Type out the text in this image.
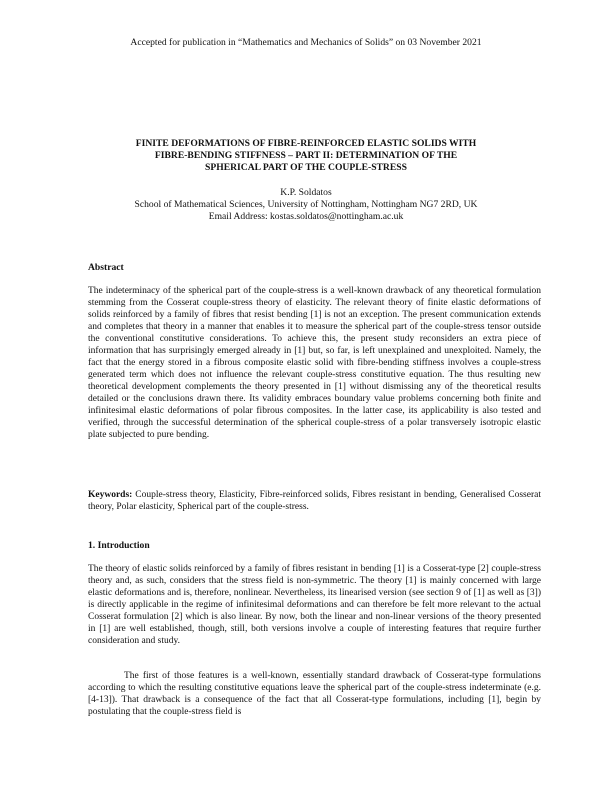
Accepted for publication in “Mathematics and Mechanics of Solids” on 03 November 2021
FINITE DEFORMATIONS OF FIBRE-REINFORCED ELASTIC SOLIDS WITH
FIBRE-BENDING STIFFNESS – PART II: DETERMINATION OF THE
SPHERICAL PART OF THE COUPLE-STRESS
K.P. Soldatos
School of Mathematical Sciences, University of Nottingham, Nottingham NG7 2RD, UK
Email Address: kostas.soldatos@nottingham.ac.uk
Abstract

The indeterminacy of the spherical part of the couple-stress is a well-known drawback of any theoretical formulation stemming from the Cosserat couple-stress theory of elasticity. The relevant theory of finite elastic deformations of solids reinforced by a family of fibres that resist bending [1] is not an exception. The present communication extends and completes that theory in a manner that enables it to measure the spherical part of the couple-stress tensor outside the conventional constitutive considerations. To achieve this, the present study reconsiders an extra piece of information that has surprisingly emerged already in [1] but, so far, is left unexplained and unexploited. Namely, the fact that the energy stored in a fibrous composite elastic solid with fibre-bending stiffness involves a couple-stress generated term which does not influence the relevant couple-stress constitutive equation. The thus resulting new theoretical development complements the theory presented in [1] without dismissing any of the theoretical results detailed or the conclusions drawn there. Its validity embraces boundary value problems concerning both finite and infinitesimal elastic deformations of polar fibrous composites. In the latter case, its applicability is also tested and verified, through the successful determination of the spherical couple-stress of a polar transversely isotropic elastic plate subjected to pure bending.

Keywords: Couple-stress theory, Elasticity, Fibre-reinforced solids, Fibres resistant in bending, Generalised Cosserat theory, Polar elasticity, Spherical part of the couple-stress.

1. Introduction

The theory of elastic solids reinforced by a family of fibres resistant in bending [1] is a Cosserat-type [2] couple-stress theory and, as such, considers that the stress field is non-symmetric. The theory [1] is mainly concerned with large elastic deformations and is, therefore, nonlinear. Nevertheless, its linearised version (see section 9 of [1] as well as [3]) is directly applicable in the regime of infinitesimal deformations and can therefore be felt more relevant to the actual Cosserat formulation [2] which is also linear. By now, both the linear and non-linear versions of the theory presented in [1] are well established, though, still, both versions involve a couple of interesting features that require further consideration and study.

The first of those features is a well-known, essentially standard drawback of Cosserat-type formulations according to which the resulting constitutive equations leave the spherical part of the couple-stress indeterminate (e.g. [4-13]). That drawback is a consequence of the fact that all Cosserat-type formulations, including [1], begin by postulating that the couple-stress field is
